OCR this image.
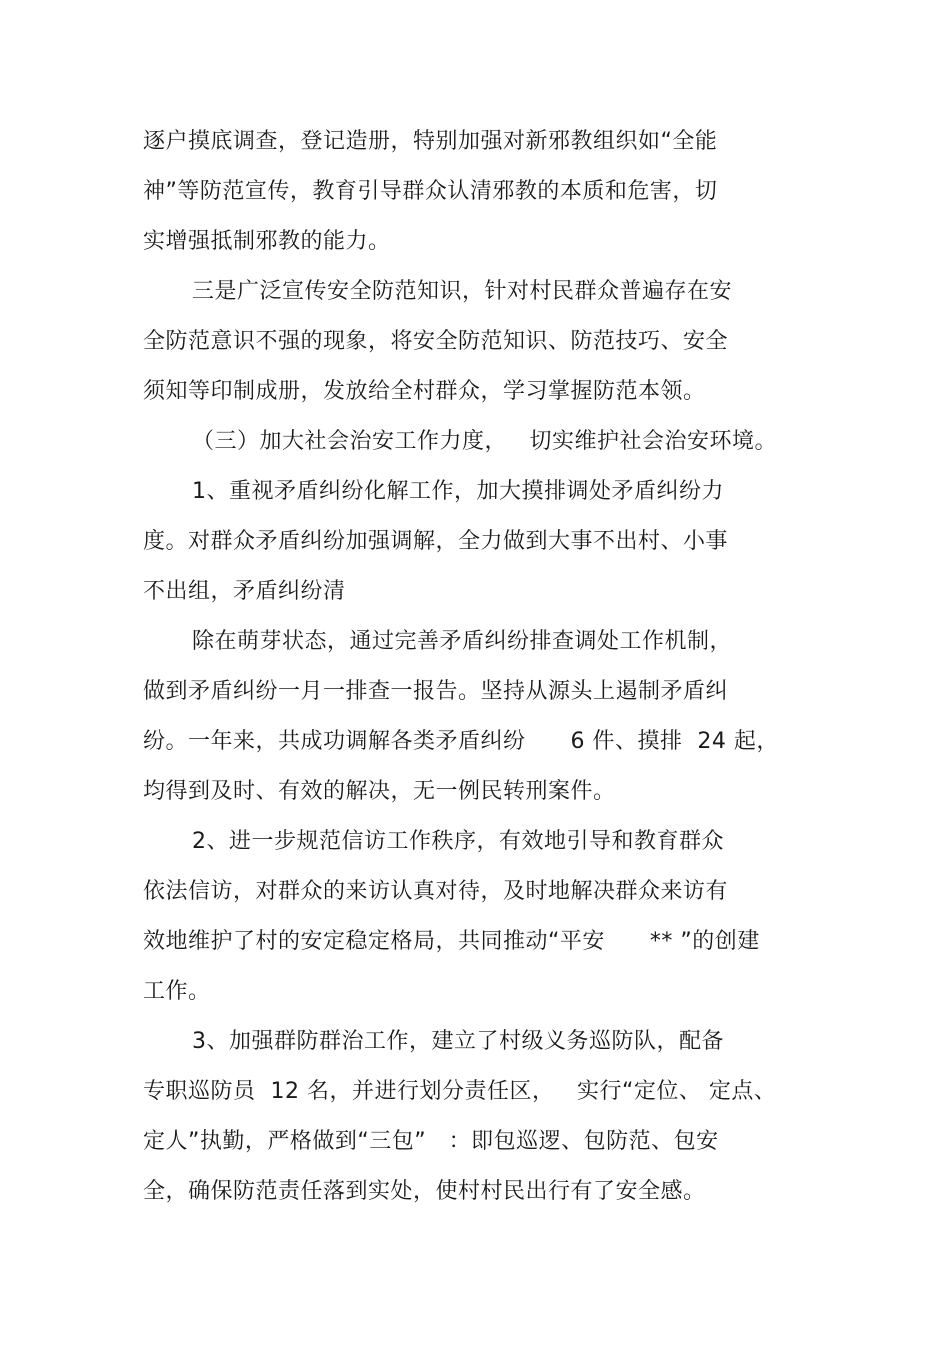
逐户摸底调查，登记造册，特别加强对新邪教组织如“全能

神”等防范宣传，教育引导群众认清邪教的本质和危害，切

实增强抵制邪教的能力。

三是广泛宣传安全防范知识，针对村民群众普遍存在安

全防范意识不强的现象，将安全防范知识、防范技巧、安全

须知等印制成册，发放给全村群众，学习掌握防范本领。

（三）加大社会治安工作力度，   切实维护社会治安环境。

1、重视矛盾纠纷化解工作，加大摸排调处矛盾纠纷力

度。对群众矛盾纠纷加强调解，全力做到大事不出村、小事

不出组，矛盾纠纷清

除在萌芽状态，通过完善矛盾纠纷排查调处工作机制，

做到矛盾纠纷一月一排查一报告。坚持从源头上遏制矛盾纠

纷。一年来，共成功调解各类矛盾纠纷      6 件、摸排  24 起，

均得到及时、有效的解决，无一例民转刑案件。

2、进一步规范信访工作秩序，有效地引导和教育群众

依法信访，对群众的来访认真对待，及时地解决群众来访有

效地维护了村的安定稳定格局，共同推动“平安      ** ”的创建

工作。

3、加强群防群治工作，建立了村级义务巡防队，配备

专职巡防员  12 名，并进行划分责任区，   实行“定位、 定点、

定人”执勤，严格做到“三包”   ：即包巡逻、包防范、包安

全，确保防范责任落到实处，使村村民出行有了安全感。
